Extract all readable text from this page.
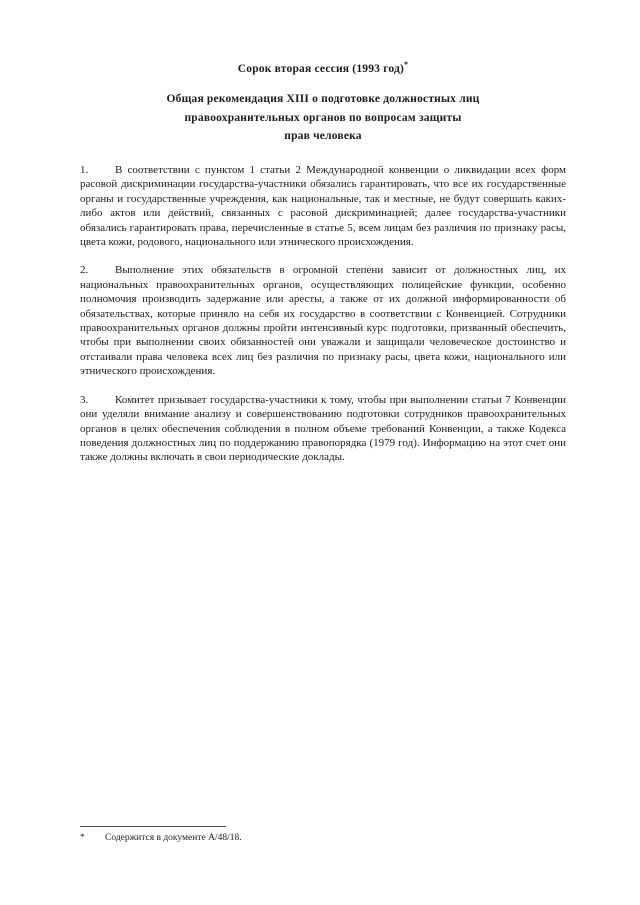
Сорок вторая сессия (1993 год)*
Общая рекомендация XIII о подготовке должностных лиц
правоохранительных органов по вопросам защиты
прав человека

1. В соответствии с пунктом 1 статьи 2 Международной конвенции о ликвидации всех форм расовой дискриминации государства-участники обязались гарантировать, что все их государственные органы и государственные учреждения, как национальные, так и местные, не будут совершать каких-либо актов или действий, связанных с расовой дискриминацией; далее государства-участники обязались гарантировать права, перечисленные в статье 5, всем лицам без различия по признаку расы, цвета кожи, родового, национального или этнического происхождения.

2. Выполнение этих обязательств в огромной степени зависит от должностных лиц, их национальных правоохранительных органов, осуществляющих полицейские функции, особенно полномочия производить задержание или аресты, а также от их должной информированности об обязательствах, которые приняло на себя их государство в соответствии с Конвенцией. Сотрудники правоохранительных органов должны пройти интенсивный курс подготовки, призванный обеспечить, чтобы при выполнении своих обязанностей они уважали и защищали человеческое достоинство и отстаивали права человека всех лиц без различия по признаку расы, цвета кожи, национального или этнического происхождения.

3. Комитет призывает государства-участники к тому, чтобы при выполнении статьи 7 Конвенции они уделяли внимание анализу и совершенствованию подготовки сотрудников правоохранительных органов в целях обеспечения соблюдения в полном объеме требований Конвенции, а также Кодекса поведения должностных лиц по поддержанию правопорядка (1979 год). Информацию на этот счет они также должны включать в свои периодические доклады.

* Содержится в документе A/48/18.
